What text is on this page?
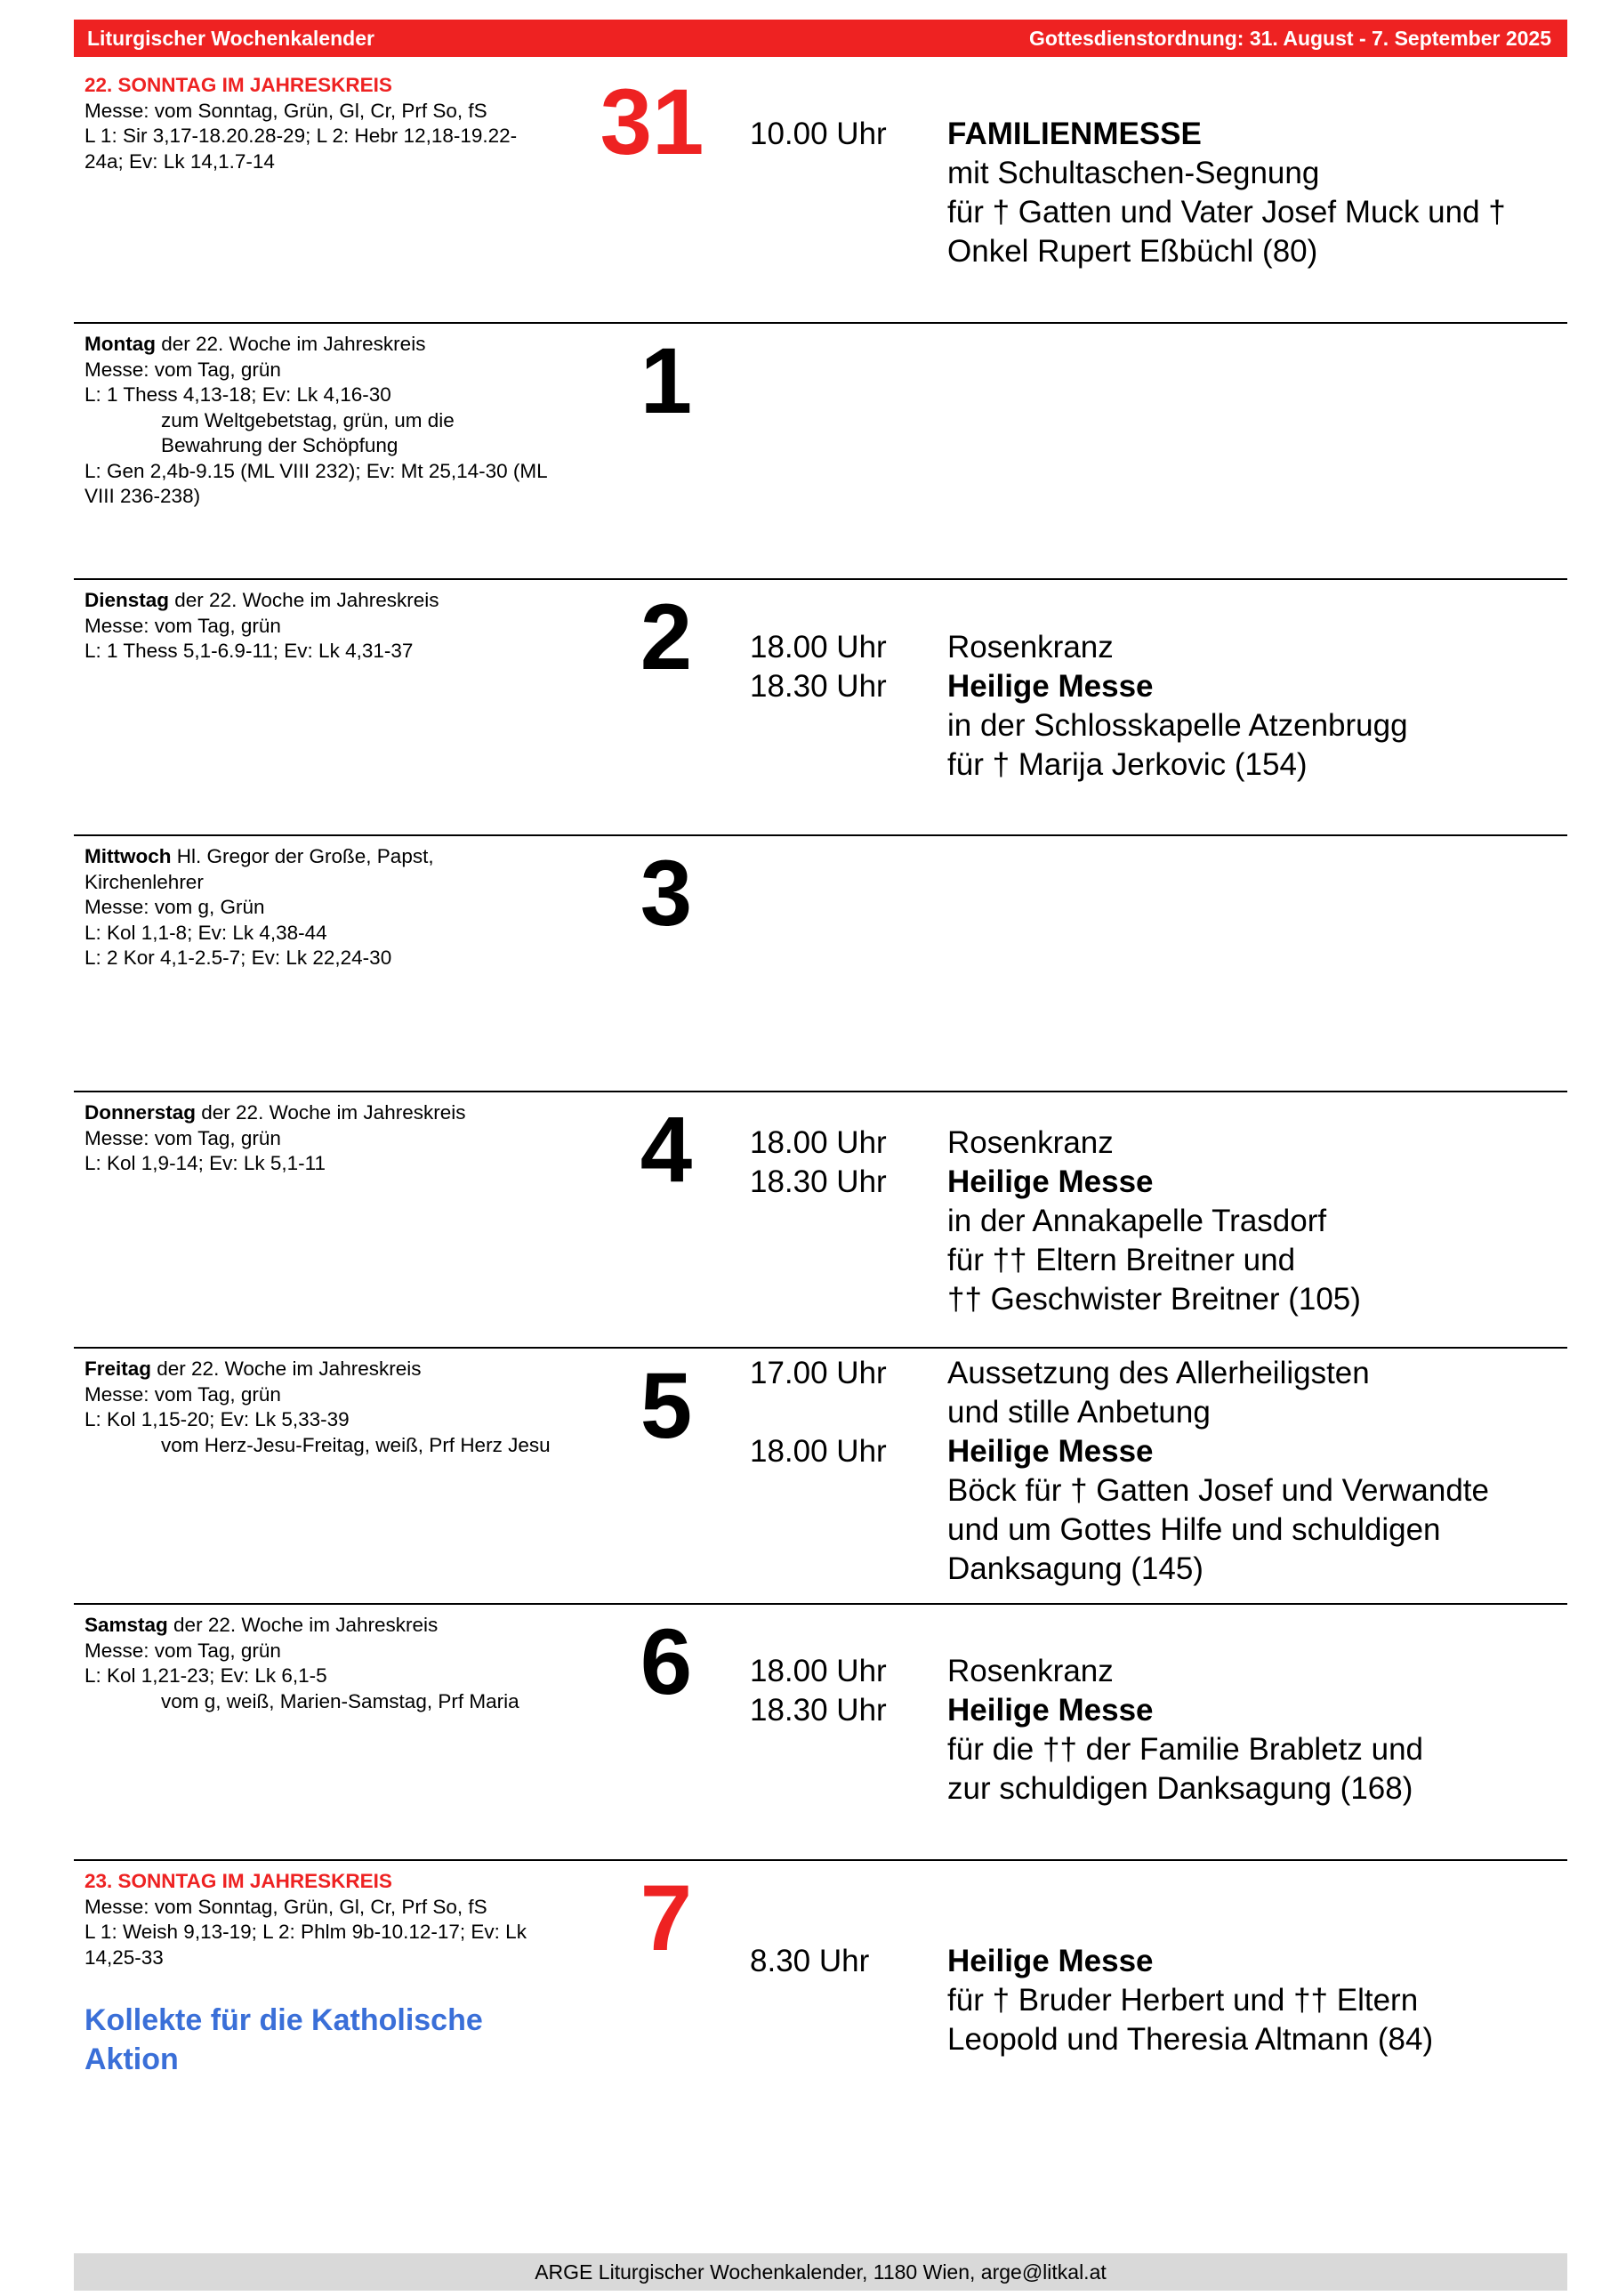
Liturgischer Wochenkalender	Gottesdienstordnung: 31. August - 7. September 2025
22. SONNTAG IM JAHRESKREIS
Messe: vom Sonntag, Grün, Gl, Cr, Prf So, fS
L 1: Sir 3,17-18.20.28-29; L 2: Hebr 12,18-19.22-
24a; Ev: Lk 14,1.7-14	31	10.00 Uhr	FAMILIENMESSE
mit Schultaschen-Segnung
für † Gatten und Vater Josef Muck und †
Onkel Rupert Eßbüchl (80)
Montag der 22. Woche im Jahreskreis
Messe: vom Tag, grün
L: 1 Thess 4,13-18; Ev: Lk 4,16-30
zum Weltgebetstag, grün, um die
Bewahrung der Schöpfung
L: Gen 2,4b-9.15 (ML VIII 232); Ev: Mt 25,14-30 (ML
VIII 236-238)
1
Dienstag der 22. Woche im Jahreskreis
Messe: vom Tag, grün
L: 1 Thess 5,1-6.9-11; Ev: Lk 4,31-37	2	18.00 Uhr	Rosenkranz
18.30 Uhr	Heilige Messe
in der Schlosskapelle Atzenbrugg
für † Marija Jerkovic (154)
Mittwoch Hl. Gregor der Große, Papst,
Kirchenlehrer
Messe: vom g, Grün
L: Kol 1,1-8; Ev: Lk 4,38-44
L: 2 Kor 4,1-2.5-7; Ev: Lk 22,24-30
3
Donnerstag der 22. Woche im Jahreskreis
Messe: vom Tag, grün
L: Kol 1,9-14; Ev: Lk 5,1-11	4	18.00 Uhr	Rosenkranz
18.30 Uhr	Heilige Messe
in der Annakapelle Trasdorf
für †† Eltern Breitner und
†† Geschwister Breitner (105)
Freitag der 22. Woche im Jahreskreis
Messe: vom Tag, grün
L: Kol 1,15-20; Ev: Lk 5,33-39
vom Herz-Jesu-Freitag, weiß, Prf Herz Jesu 5	17.00 Uhr	Aussetzung des Allerheiligsten
und stille Anbetung
18.00 Uhr	Heilige Messe
Böck für † Gatten Josef und Verwandte
und um Gottes Hilfe und schuldigen
Danksagung (145)
Samstag der 22. Woche im Jahreskreis
Messe: vom Tag, grün
L: Kol 1,21-23; Ev: Lk 6,1-5
vom g, weiß, Marien-Samstag, Prf Maria	6	18.00 Uhr	Rosenkranz
18.30 Uhr	Heilige Messe
für die †† der Familie Brabletz und
zur schuldigen Danksagung (168)
23. SONNTAG IM JAHRESKREIS
Messe: vom Sonntag, Grün, Gl, Cr, Prf So, fS
L 1: Weish 9,13-19; L 2: Phlm 9b-10.12-17; Ev: Lk
14,25-33
Kollekte für die Katholische Aktion
7	8.30 Uhr	Heilige Messe
für † Bruder Herbert und †† Eltern
Leopold und Theresia Altmann (84)
ARGE Liturgischer Wochenkalender, 1180 Wien, arge@litkal.at
